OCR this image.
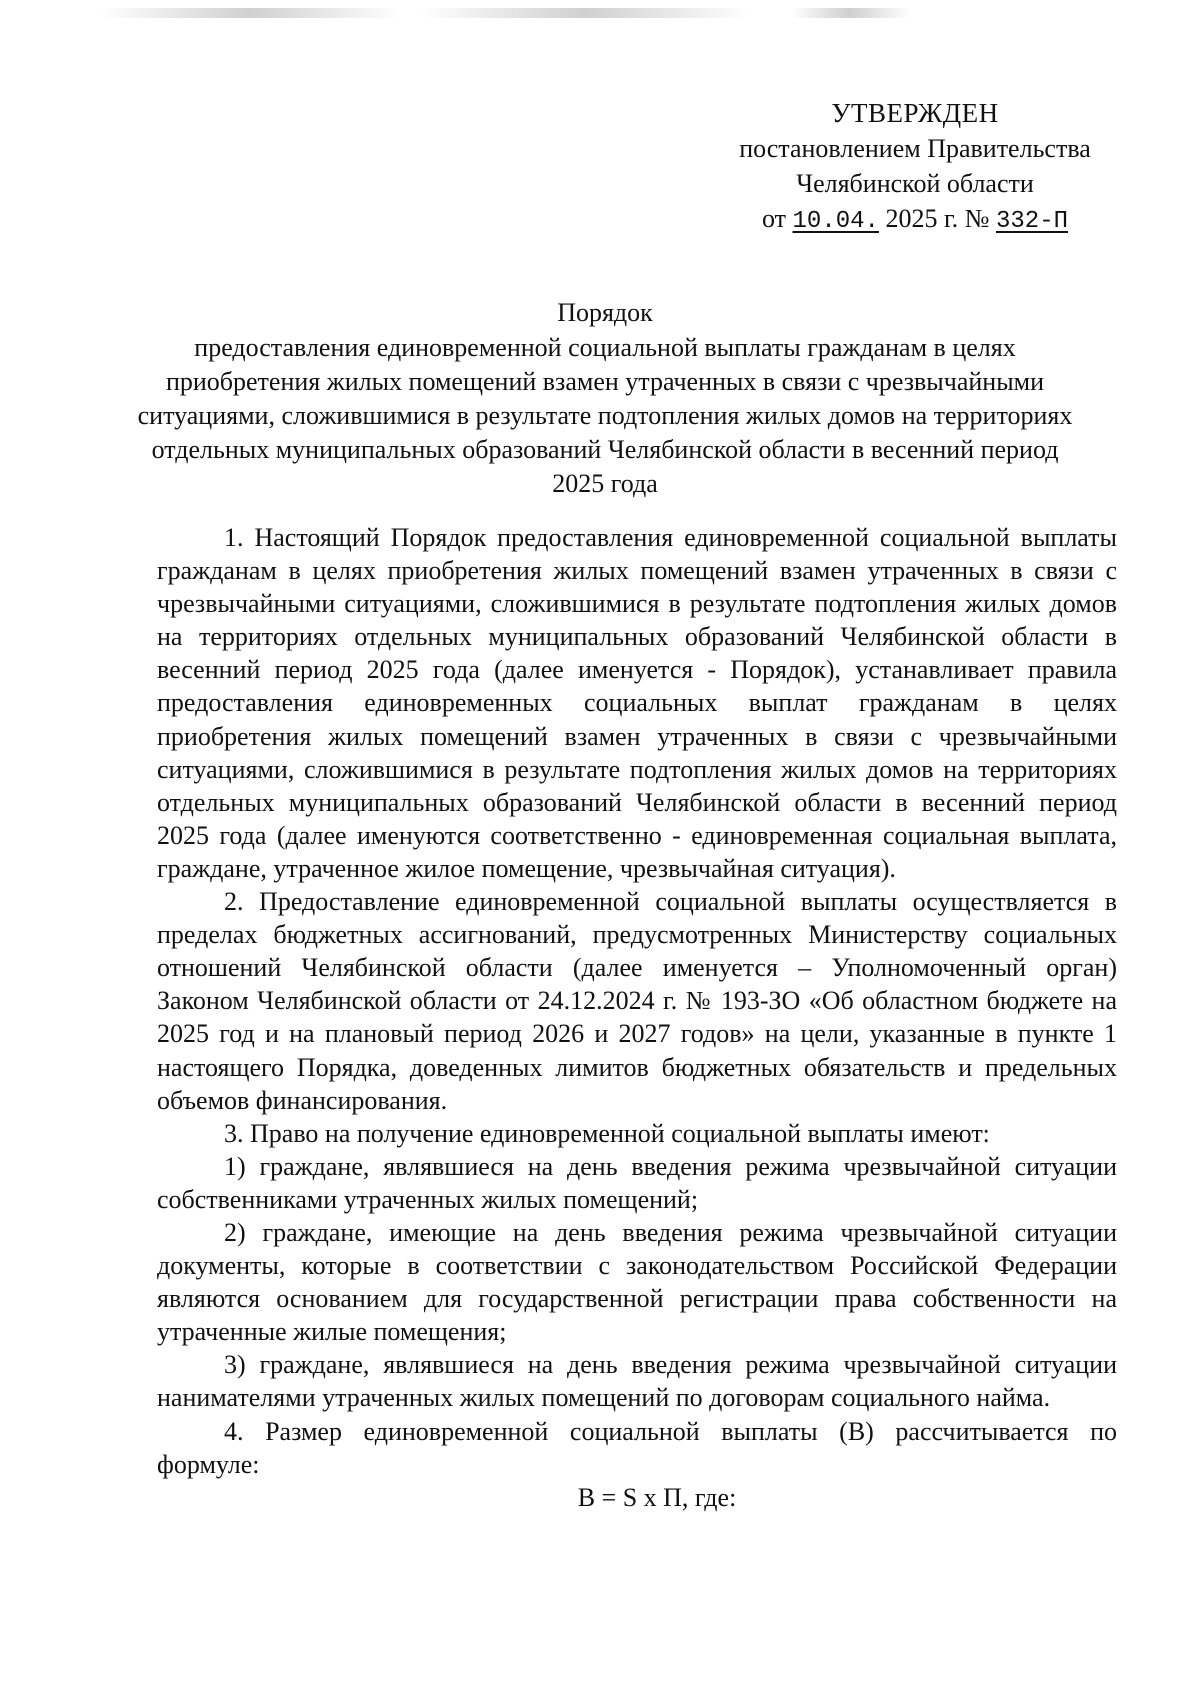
УТВЕРЖДЕН
постановлением Правительства
Челябинской области
от 10.04. 2025 г. № 332-П
Порядок
предоставления единовременной социальной выплаты гражданам в целях приобретения жилых помещений взамен утраченных в связи с чрезвычайными ситуациями, сложившимися в результате подтопления жилых домов на территориях отдельных муниципальных образований Челябинской области в весенний период 2025 года

1. Настоящий Порядок предоставления единовременной социальной выплаты гражданам в целях приобретения жилых помещений взамен утраченных в связи с чрезвычайными ситуациями, сложившимися в результате подтопления жилых домов на территориях отдельных муниципальных образований Челябинской области в весенний период 2025 года (далее именуется - Порядок), устанавливает правила предоставления единовременных социальных выплат гражданам в целях приобретения жилых помещений взамен утраченных в связи с чрезвычайными ситуациями, сложившимися в результате подтопления жилых домов на территориях отдельных муниципальных образований Челябинской области в весенний период 2025 года (далее именуются соответственно - единовременная социальная выплата, граждане, утраченное жилое помещение, чрезвычайная ситуация).

2. Предоставление единовременной социальной выплаты осуществляется в пределах бюджетных ассигнований, предусмотренных Министерству социальных отношений Челябинской области (далее именуется – Уполномоченный орган) Законом Челябинской области от 24.12.2024 г. № 193-ЗО «Об областном бюджете на 2025 год и на плановый период 2026 и 2027 годов» на цели, указанные в пункте 1 настоящего Порядка, доведенных лимитов бюджетных обязательств и предельных объемов финансирования.

3. Право на получение единовременной социальной выплаты имеют:

1) граждане, являвшиеся на день введения режима чрезвычайной ситуации собственниками утраченных жилых помещений;

2) граждане, имеющие на день введения режима чрезвычайной ситуации документы, которые в соответствии с законодательством Российской Федерации являются основанием для государственной регистрации права собственности на утраченные жилые помещения;

3) граждане, являвшиеся на день введения режима чрезвычайной ситуации нанимателями утраченных жилых помещений по договорам социального найма.

4. Размер единовременной социальной выплаты (В) рассчитывается по формуле:

В = S x П, где:
